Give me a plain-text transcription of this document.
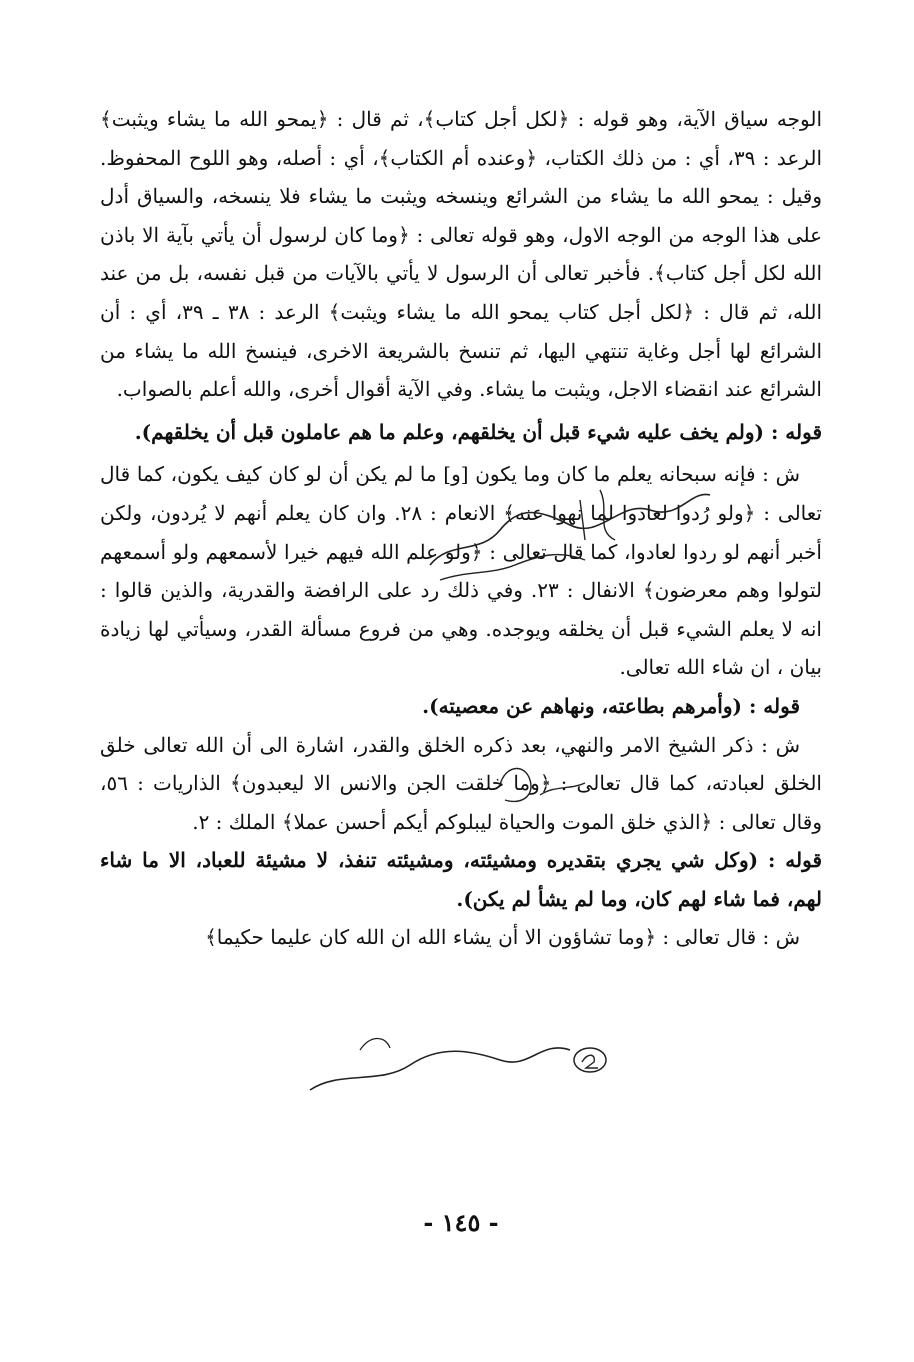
الوجه سياق الآية، وهو قوله : ﴿لكل أجل كتاب﴾، ثم قال : ﴿يمحو الله ما يشاء ويثبت﴾ الرعد : ٣٩، أي : من ذلك الكتاب، ﴿وعنده أم الكتاب﴾، أي : أصله، وهو اللوح المحفوظ. وقيل : يمحو الله ما يشاء من الشرائع وينسخه ويثبت ما يشاء فلا ينسخه، والسياق أدل على هذا الوجه من الوجه الاول، وهو قوله تعالى : ﴿وما كان لرسول أن يأتي بآية الا باذن الله لكل أجل كتاب﴾. فأخبر تعالى أن الرسول لا يأتي بالآيات من قبل نفسه، بل من عند الله، ثم قال : ﴿لكل أجل كتاب يمحو الله ما يشاء ويثبت﴾ الرعد : ٣٨ ـ ٣٩، أي : أن الشرائع لها أجل وغاية تنتهي اليها، ثم تنسخ بالشريعة الاخرى، فينسخ الله ما يشاء من الشرائع عند انقضاء الاجل، ويثبت ما يشاء. وفي الآية أقوال أخرى، والله أعلم بالصواب.

قوله : (ولم يخف عليه شيء قبل أن يخلقهم، وعلم ما هم عاملون قبل أن يخلقهم).

ش : فإنه سبحانه يعلم ما كان وما يكون [و] ما لم يكن أن لو كان كيف يكون، كما قال تعالى : ﴿ولو رُدوا لعادوا لما نهوا عنه﴾ الانعام : ٢٨. وان كان يعلم أنهم لا يُردون، ولكن أخبر أنهم لو ردوا لعادوا، كما قال تعالى : ﴿ولو علم الله فيهم خيرا لأسمعهم ولو أسمعهم لتولوا وهم معرضون﴾ الانفال : ٢٣. وفي ذلك رد على الرافضة والقدرية، والذين قالوا : انه لا يعلم الشيء قبل أن يخلقه ويوجده. وهي من فروع مسألة القدر، وسيأتي لها زيادة بيان ، ان شاء الله تعالى.

قوله : (وأمرهم بطاعته، ونهاهم عن معصيته).

ش : ذكر الشيخ الامر والنهي، بعد ذكره الخلق والقدر، اشارة الى أن الله تعالى خلق الخلق لعبادته، كما قال تعالى : ﴿وما خلقت الجن والانس الا ليعبدون﴾ الذاريات : ٥٦، وقال تعالى : ﴿الذي خلق الموت والحياة ليبلوكم أيكم أحسن عملا﴾ الملك : ٢.

قوله : (وكل شي يجري بتقديره ومشيئته، ومشيئته تنفذ، لا مشيئة للعباد، الا ما شاء لهم، فما شاء لهم كان، وما لم يشأ لم يكن).

ش : قال تعالى : ﴿وما تشاؤون الا أن يشاء الله ان الله كان عليما حكيما﴾

- ١٤٥ -
